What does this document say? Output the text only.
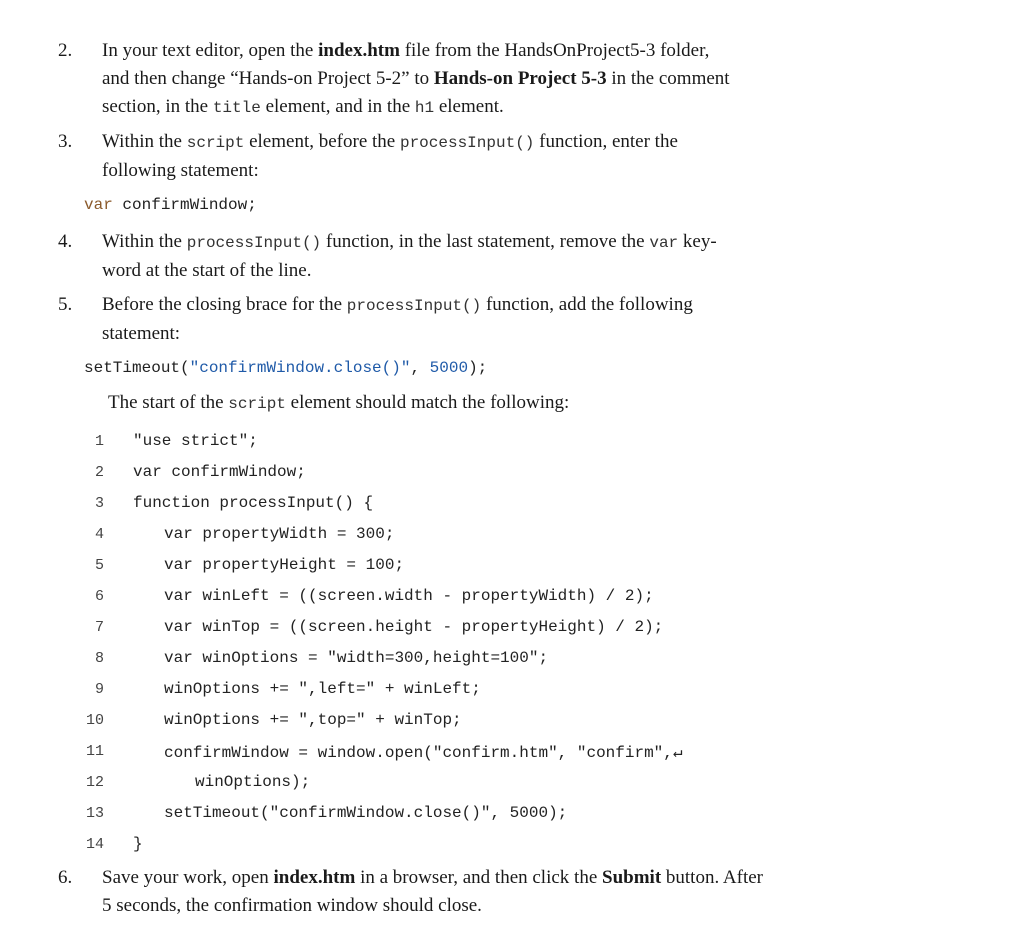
2.	In your text editor, open the index.htm file from the HandsOnProject5-3 folder,
and then change “Hands-on Project 5-2” to Hands-on Project 5-3 in the comment
section, in the title element, and in the h1 element.
3.	Within the script element, before the processInput() function, enter the
following statement:
var confirmWindow;
4.	Within the processInput() function, in the last statement, remove the var key-
word at the start of the line.
5.	Before the closing brace for the processInput() function, add the following
statement:
setTimeout("confirmWindow.close()", 5000);
The start of the script element should match the following:
1 "use strict";
2 var confirmWindow;
3 function processInput() {
4	var propertyWidth = 300;
5	var propertyHeight = 100;
6	var winLeft = ((screen.width - propertyWidth) / 2);
7	var winTop = ((screen.height - propertyHeight) / 2);
8	var winOptions = "width=300,height=100";
9	winOptions += ",left=" + winLeft;
10	winOptions += ",top=" + winTop;
11	confirmWindow = window.open("confirm.htm", "confirm",↵
12	winOptions);
13	setTimeout("confirmWindow.close()", 5000);
14 }
6.	Save your work, open index.htm in a browser, and then click the Submit button. After
5 seconds, the confirmation window should close.
